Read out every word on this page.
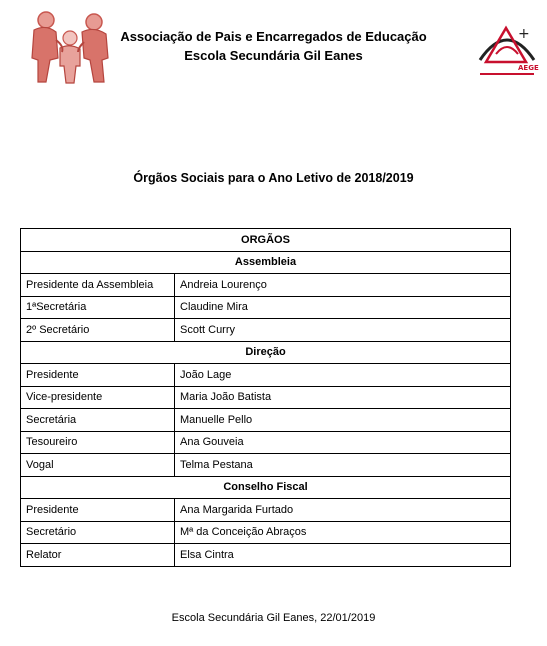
Associação de Pais e Encarregados de Educação
Escola Secundária Gil Eanes
+
AEGE
Órgãos Sociais para o Ano Letivo de 2018/2019
ORGÃOS	
Assembleia	
Presidente da Assembleia	Andreia Lourenço
1ªSecretária	Claudine Mira
2º Secretário	Scott Curry
Direção	
Presidente	João Lage
Vice-presidente	Maria João Batista
Secretária	Manuelle Pello
Tesoureiro	Ana Gouveia
Vogal	Telma Pestana
Conselho Fiscal	
Presidente	Ana Margarida Furtado
Secretário	Mª da Conceição Abraços
Relator	Elsa Cintra
Escola Secundária Gil Eanes, 22/01/2019
